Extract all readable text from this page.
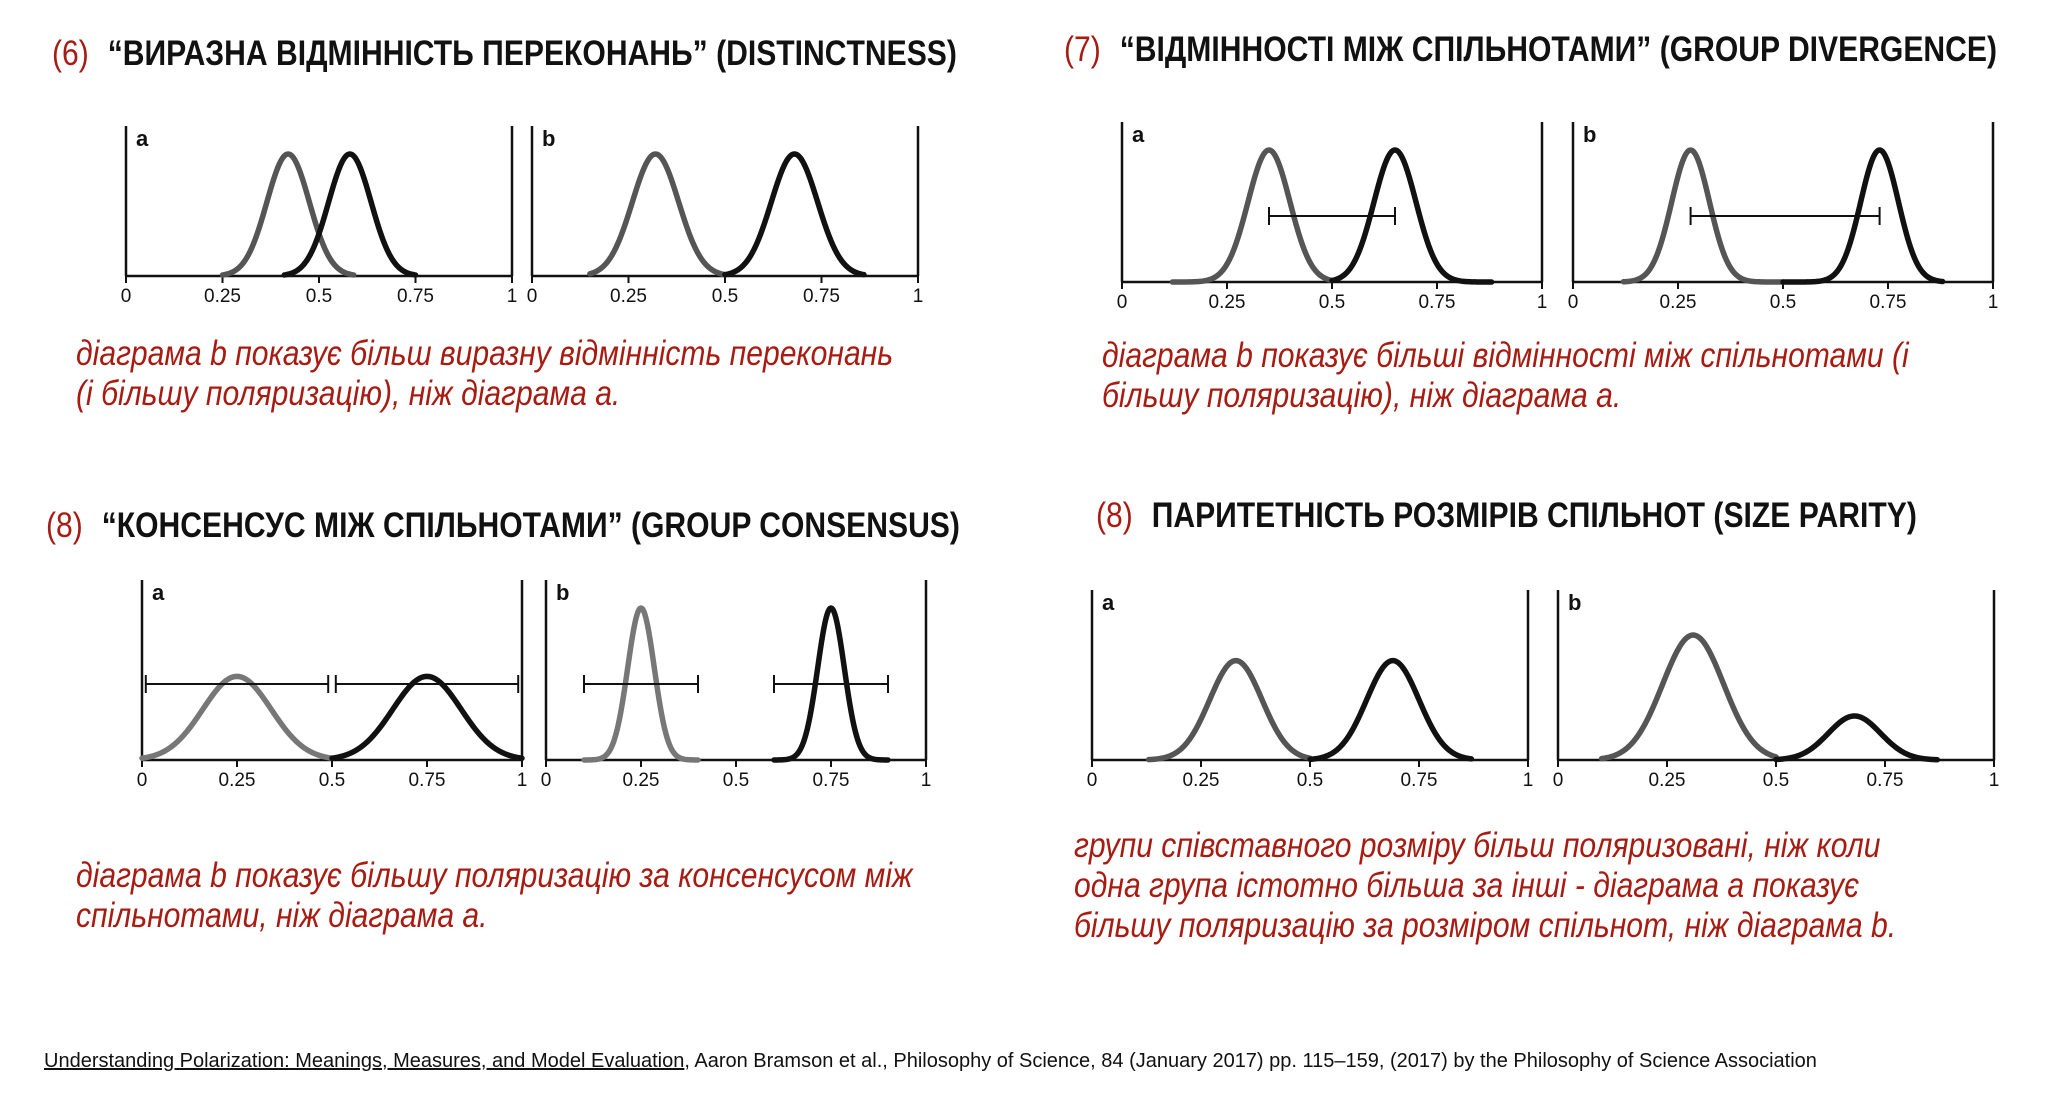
(6) “ВИРАЗНА ВІДМІННІСТЬ ПЕРЕКОНАНЬ” (DISTINCTNESS)
0	0.25	0.5	0.75	1
a
0	0.25	0.5	0.75	1
b
діаграма b показує більш виразну відмінність переконань
(і більшу поляризацію), ніж діаграма a.
(7) “ВІДМІННОСТІ МІЖ СПІЛЬНОТАМИ” (GROUP DIVERGENCE)
0	0.25	0.5	0.75	1
a
0	0.25	0.5	0.75	1
b
діаграма b показує більші відмінності між спільнотами (і
більшу поляризацію), ніж діаграма a.
(8) “КОНСЕНСУС МІЖ СПІЛЬНОТАМИ” (GROUP CONSENSUS)
0	0.25	0.5	0.75	1
a
0	0.25	0.5	0.75	1
b
діаграма b показує більшу поляризацію за консенсусом між
спільнотами, ніж діаграма a.
(8) ПАРИТЕТНІСТЬ РОЗМІРІВ СПІЛЬНОТ (SIZE PARITY)
0	0.25	0.5	0.75	1
a
0	0.25	0.5	0.75	1
b
групи співставного розміру більш поляризовані, ніж коли
одна група істотно більша за інші - діаграма a показує
більшу поляризацію за розміром спільнот, ніж діаграма b.
Understanding Polarization: Meanings, Measures, and Model Evaluation, Aaron Bramson et al., Philosophy of Science, 84 (January 2017) pp. 115–159, (2017) by the Philosophy of Science Association
